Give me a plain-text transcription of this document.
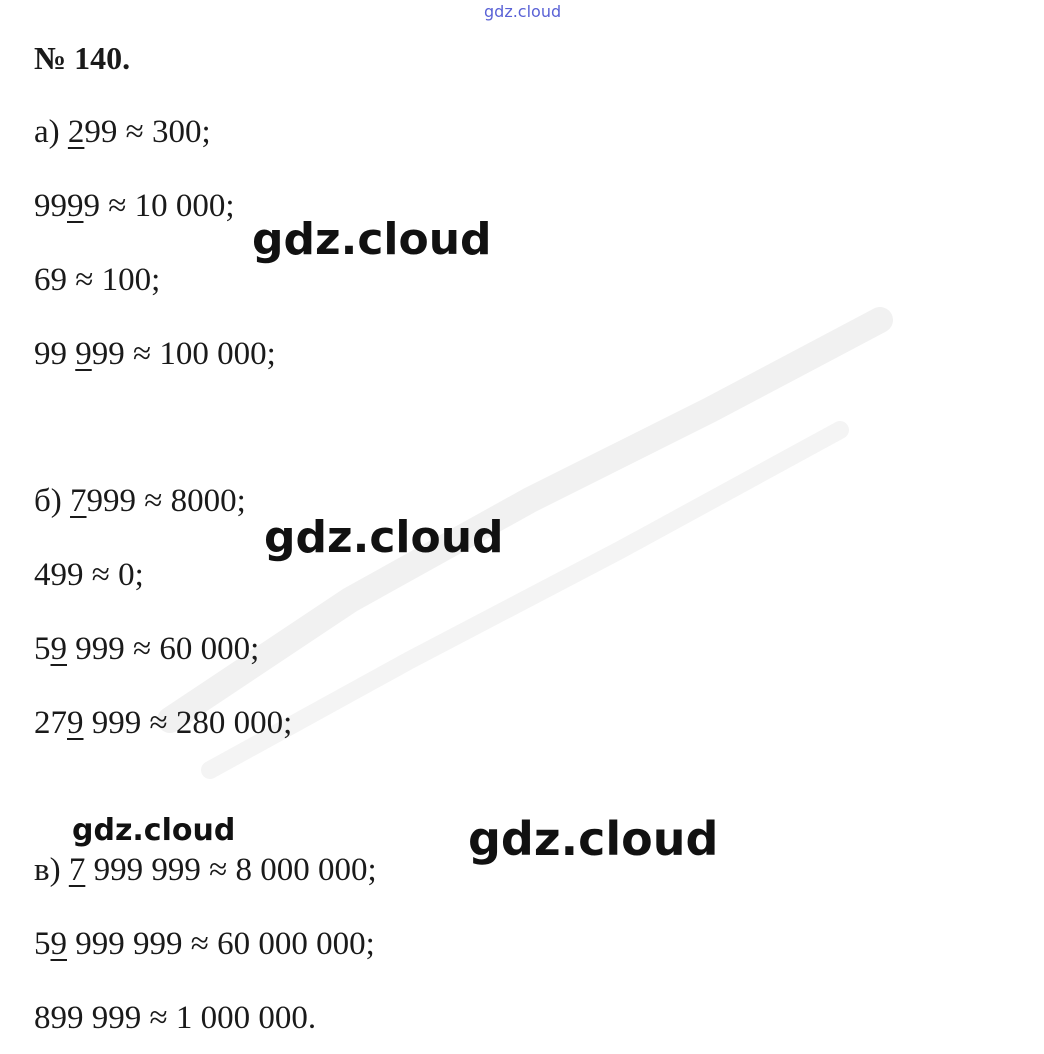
gdz.cloud
№ 140.
а) 299 ≈ 300;
9999 ≈ 10 000;
69 ≈ 100;
99 999 ≈ 100 000;
б) 7999 ≈ 8000;
499 ≈ 0;
59 999 ≈ 60 000;
279 999 ≈ 280 000;
в) 7 999 999 ≈ 8 000 000;
59 999 999 ≈ 60 000 000;
899 999 ≈ 1 000 000.
gdz.cloud
gdz.cloud
gdz.cloud	gdz.cloud
